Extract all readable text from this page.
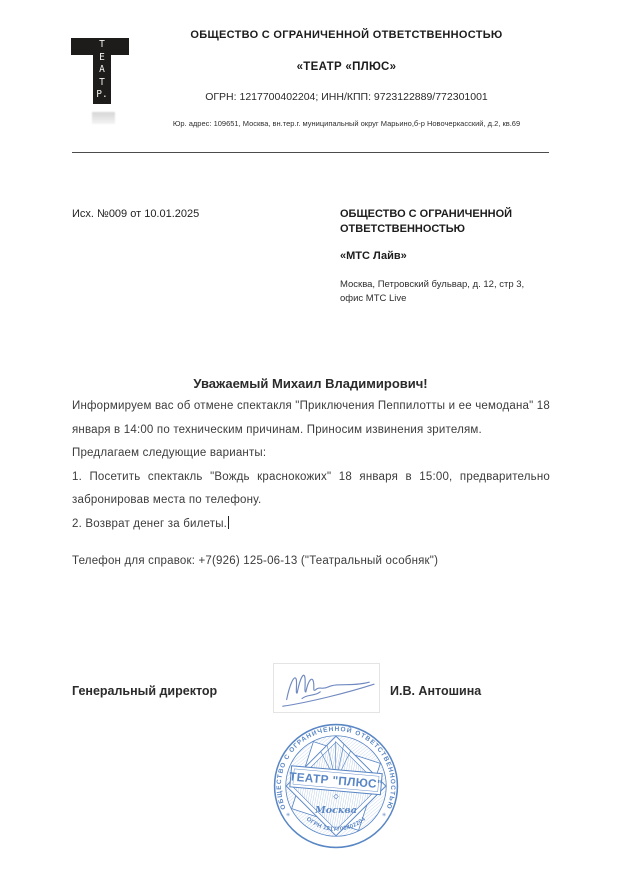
Т
Е
А
Т
Р.
ОБЩЕСТВО С ОГРАНИЧЕННОЙ ОТВЕТСТВЕННОСТЬЮ
«ТЕАТР «ПЛЮС»
ОГРН: 1217700402204; ИНН/КПП: 9723122889/772301001
Юр. адрес: 109651, Москва, вн.тер.г. муниципальный округ Марьино,б-р Новочеркасский, д.2, кв.69
Исх. №009 от 10.01.2025	ОБЩЕСТВО С ОГРАНИЧЕННОЙ
ОТВЕТСТВЕННОСТЬЮ
«МТС Лайв»
Москва, Петровский бульвар, д. 12, стр 3,
офис МТС Live
Уважаемый Михаил Владимирович!

Информируем вас об отмене спектакля "Приключения Пеппилотты и ее чемодана" 18 января в 14:00 по техническим причинам. Приносим извинения зрителям.

Предлагаем следующие варианты:

1. Посетить спектакль "Вождь краснокожих" 18 января в 15:00, предварительно забронировав места по телефону.

2. Возврат денег за билеты.

Телефон для справок: +7(926) 125-06-13 ("Театральный особняк")
Генеральный директор	И.В. Антошина
ТЕАТР "ПЛЮС"
Москва
ОБЩЕСТВО С ОГРАНИЧЕННОЙ ОТВЕТСТВЕННОСТЬЮ
ОГРН 1217700402204
✳	✳
